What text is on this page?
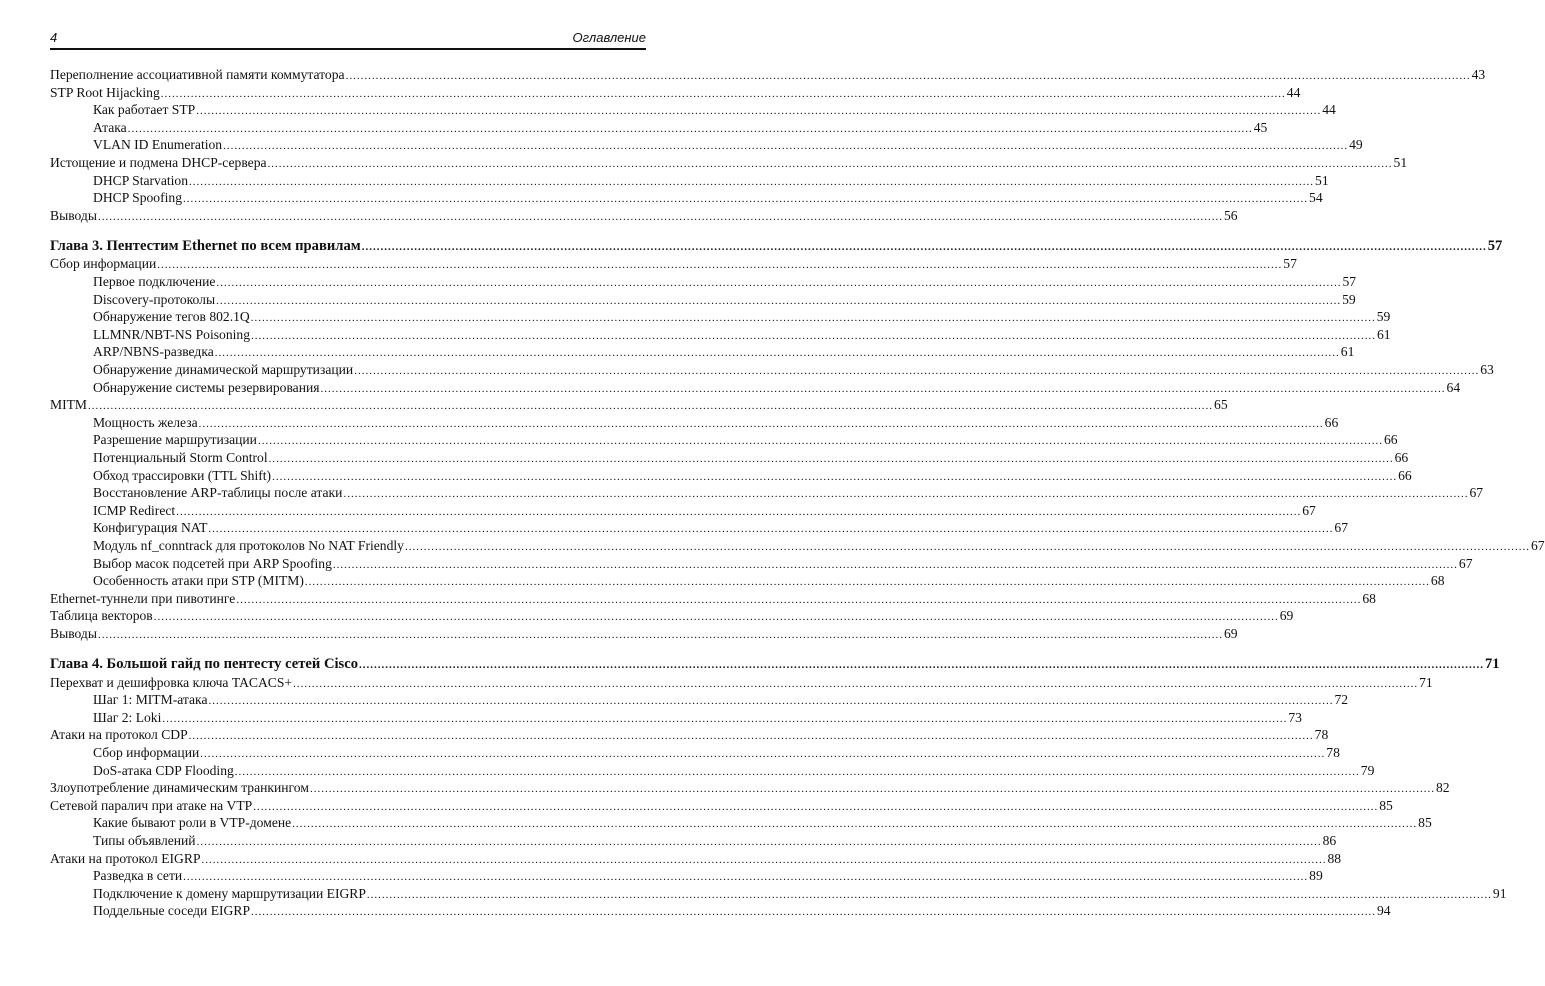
4	Оглавление
Переполнение ассоциативной памяти коммутатора ............................................................................................................................................................................................................................................................................................................ 43
STP Root Hijacking ............................................................................................................................................................................................................................................................................................................ 44
Как работает STP ............................................................................................................................................................................................................................................................................................................ 44
Атака ............................................................................................................................................................................................................................................................................................................ 45
VLAN ID Enumeration ............................................................................................................................................................................................................................................................................................................ 49
Истощение и подмена DHCP-сервера ............................................................................................................................................................................................................................................................................................................ 51
DHCP Starvation ............................................................................................................................................................................................................................................................................................................ 51
DHCP Spoofing ............................................................................................................................................................................................................................................................................................................ 54
Выводы ............................................................................................................................................................................................................................................................................................................ 56
Глава 3. Пентестим Ethernet по всем правилам ............................................................................................................................................................................................................................................................................................................ 57
Сбор информации ............................................................................................................................................................................................................................................................................................................ 57
Первое подключение ............................................................................................................................................................................................................................................................................................................ 57
Discovery-протоколы ............................................................................................................................................................................................................................................................................................................ 59
Обнаружение тегов 802.1Q ............................................................................................................................................................................................................................................................................................................ 59
LLMNR/NBT-NS Poisoning ............................................................................................................................................................................................................................................................................................................ 61
ARP/NBNS-разведка ............................................................................................................................................................................................................................................................................................................ 61
Обнаружение динамической маршрутизации ............................................................................................................................................................................................................................................................................................................ 63
Обнаружение системы резервирования ............................................................................................................................................................................................................................................................................................................ 64
MITM ............................................................................................................................................................................................................................................................................................................ 65
Мощность железа ............................................................................................................................................................................................................................................................................................................ 66
Разрешение маршрутизации ............................................................................................................................................................................................................................................................................................................ 66
Потенциальный Storm Control ............................................................................................................................................................................................................................................................................................................ 66
Обход трассировки (TTL Shift) ............................................................................................................................................................................................................................................................................................................ 66
Восстановление ARP-таблицы после атаки ............................................................................................................................................................................................................................................................................................................ 67
ICMP Redirect ............................................................................................................................................................................................................................................................................................................ 67
Конфигурация NAT ............................................................................................................................................................................................................................................................................................................ 67
Модуль nf_conntrack для протоколов No NAT Friendly ............................................................................................................................................................................................................................................................................................................ 67
Выбор масок подсетей при ARP Spoofing ............................................................................................................................................................................................................................................................................................................ 67
Особенность атаки при STP (MITM) ............................................................................................................................................................................................................................................................................................................ 68
Ethernet-туннели при пивотинге ............................................................................................................................................................................................................................................................................................................ 68
Таблица векторов ............................................................................................................................................................................................................................................................................................................ 69
Выводы ............................................................................................................................................................................................................................................................................................................ 69
Глава 4. Большой гайд по пентесту сетей Cisco ............................................................................................................................................................................................................................................................................................................ 71
Перехват и дешифровка ключа TACACS+ ............................................................................................................................................................................................................................................................................................................ 71
Шаг 1: MITM-атака ............................................................................................................................................................................................................................................................................................................ 72
Шаг 2: Loki ............................................................................................................................................................................................................................................................................................................ 73
Атаки на протокол CDP ............................................................................................................................................................................................................................................................................................................ 78
Сбор информации ............................................................................................................................................................................................................................................................................................................ 78
DoS-атака CDP Flooding ............................................................................................................................................................................................................................................................................................................ 79
Злоупотребление динамическим транкингом ............................................................................................................................................................................................................................................................................................................ 82
Сетевой паралич при атаке на VTP ............................................................................................................................................................................................................................................................................................................ 85
Какие бывают роли в VTP-домене ............................................................................................................................................................................................................................................................................................................ 85
Типы объявлений ............................................................................................................................................................................................................................................................................................................ 86
Атаки на протокол EIGRP ............................................................................................................................................................................................................................................................................................................ 88
Разведка в сети ............................................................................................................................................................................................................................................................................................................ 89
Подключение к домену маршрутизации EIGRP ............................................................................................................................................................................................................................................................................................................ 91
Поддельные соседи EIGRP ............................................................................................................................................................................................................................................................................................................ 94
